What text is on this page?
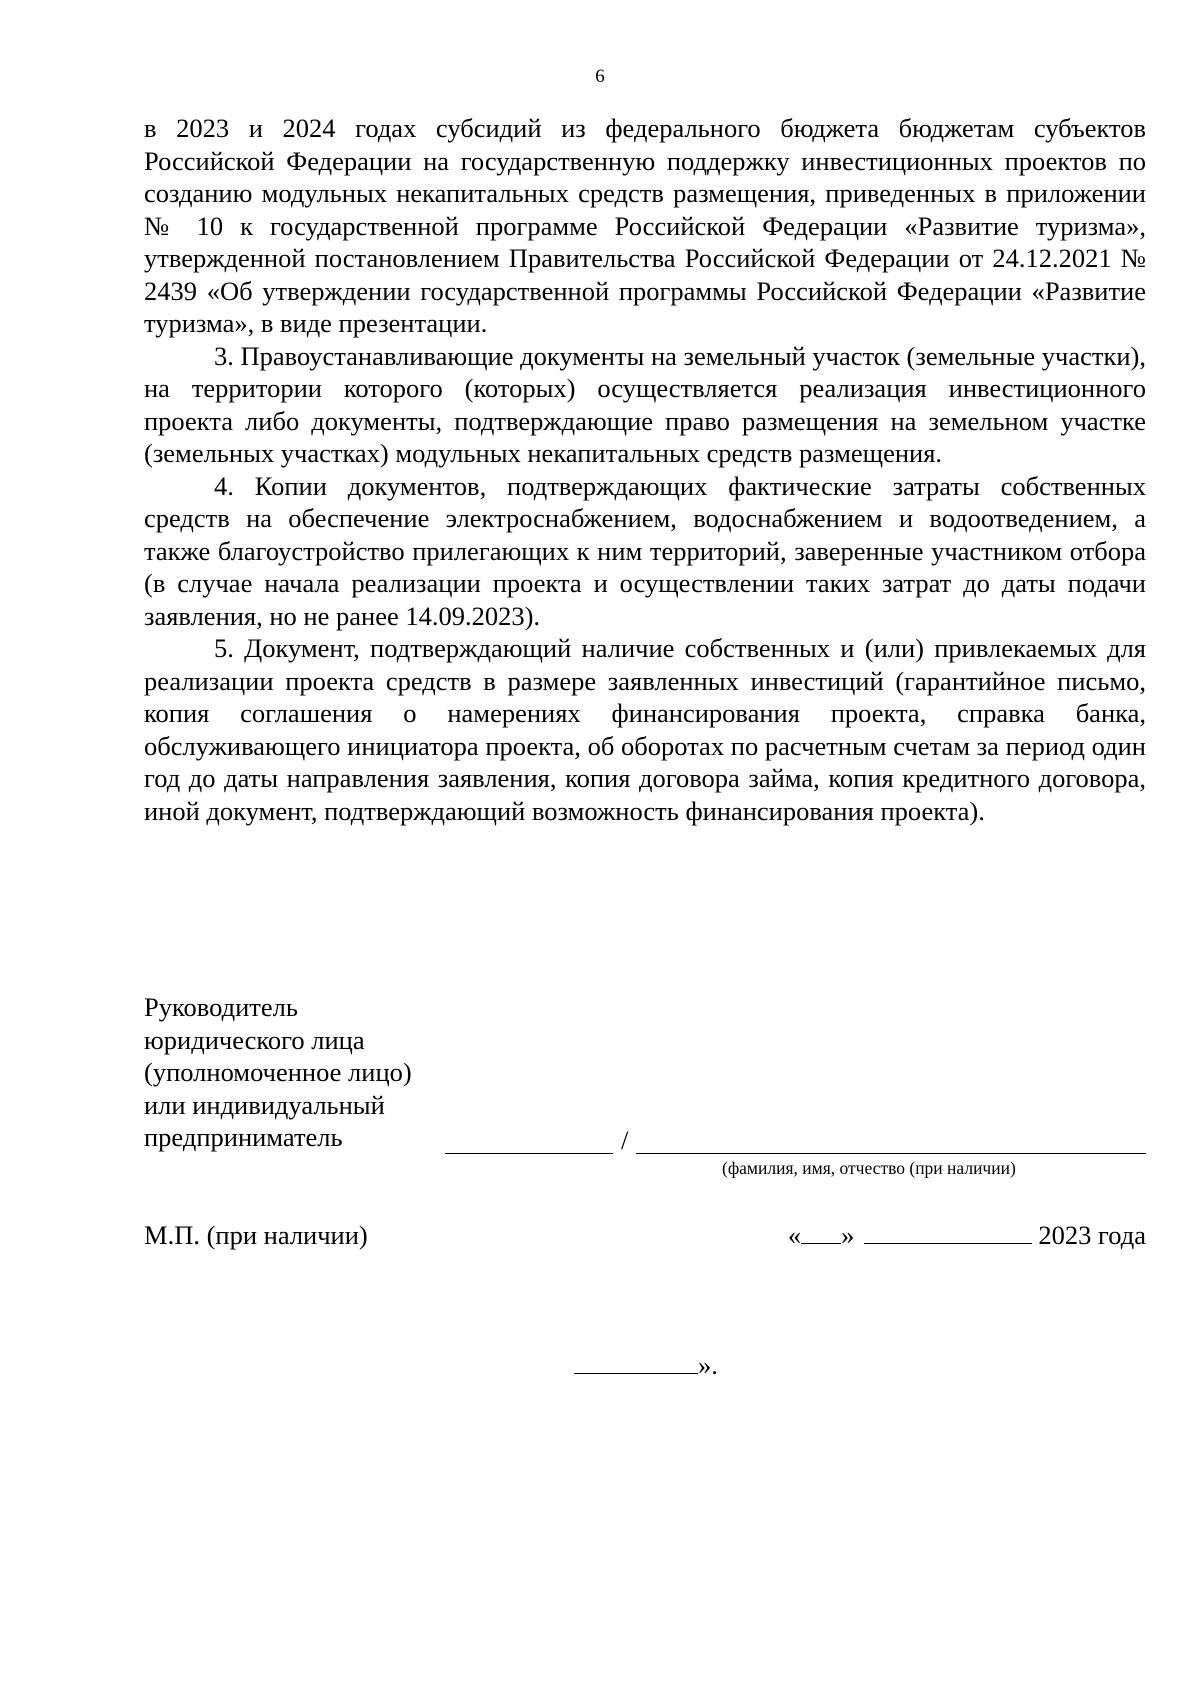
6

в 2023 и 2024 годах субсидий из федерального бюджета бюджетам субъектов Российской Федерации на государственную поддержку инвестиционных проектов по созданию модульных некапитальных средств размещения, приведенных в приложении № 10 к государственной программе Российской Федерации «Развитие туризма», утвержденной постановлением Правительства Российской Федерации от 24.12.2021 № 2439 «Об утверждении государственной программы Российской Федерации «Развитие туризма», в виде презентации.

3. Правоустанавливающие документы на земельный участок (земельные участки), на территории которого (которых) осуществляется реализация инвестиционного проекта либо документы, подтверждающие право размещения на земельном участке (земельных участках) модульных некапитальных средств размещения.

4. Копии документов, подтверждающих фактические затраты собственных средств на обеспечение электроснабжением, водоснабжением и водоотведением, а также благоустройство прилегающих к ним территорий, заверенные участником отбора (в случае начала реализации проекта и осуществлении таких затрат до даты подачи заявления, но не ранее 14.09.2023).

5. Документ, подтверждающий наличие собственных и (или) привлекаемых для реализации проекта средств в размере заявленных инвестиций (гарантийное письмо, копия соглашения о намерениях финансирования проекта, справка банка, обслуживающего инициатора проекта, об оборотах по расчетным счетам за период один год до даты направления заявления, копия договора займа, копия кредитного договора, иной документ, подтверждающий возможность финансирования проекта).

Руководитель
юридического лица
(уполномоченное лицо)
или индивидуальный
предприниматель	/
(фамилия, имя, отчество (при наличии)
М.П. (при наличии)	« »	2023 года
».
